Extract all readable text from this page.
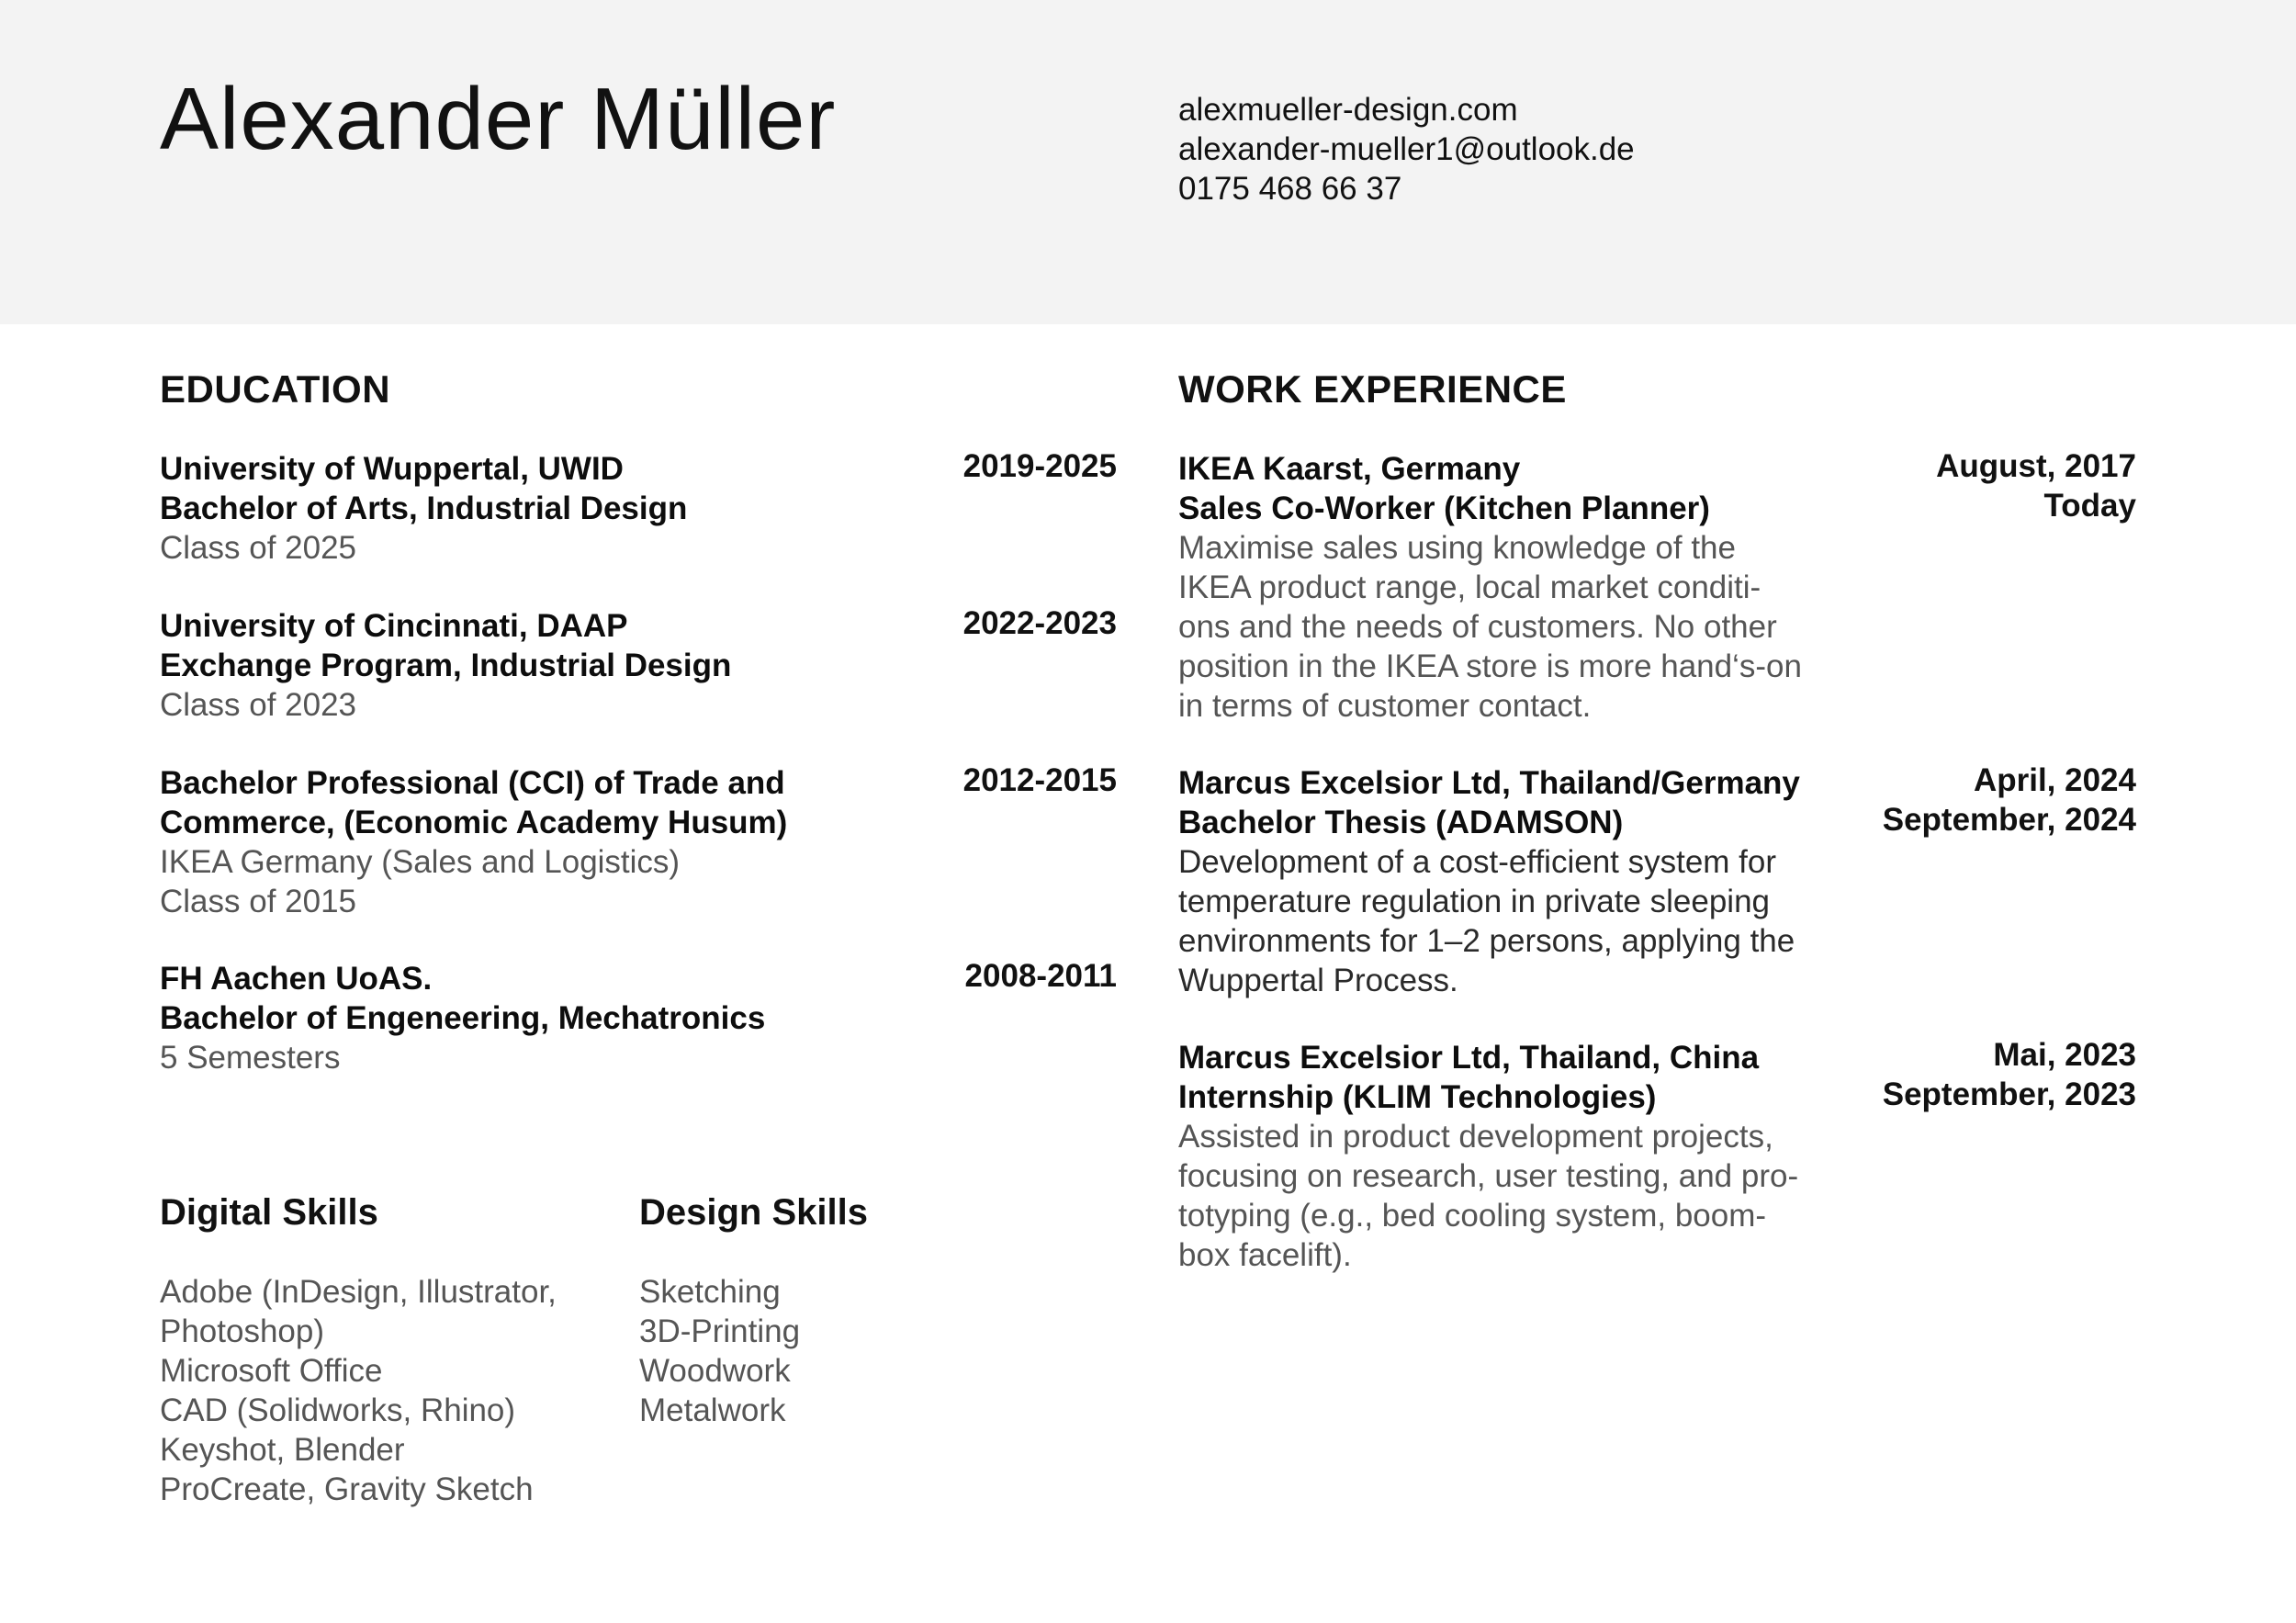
Alexander Müller	alexmueller-design.com
alexander-mueller1@outlook.de
0175 468 66 37
EDUCATION
University of Wuppertal, UWID
Bachelor of Arts, Industrial Design
Class of 2025
2019-2025
University of Cincinnati, DAAP
Exchange Program, Industrial Design
Class of 2023
2022-2023
Bachelor Professional (CCI) of Trade and
Commerce, (Economic Academy Husum)
IKEA Germany (Sales and Logistics)
Class of 2015
2012-2015
FH Aachen UoAS.
Bachelor of Engeneering, Mechatronics
5 Semesters
2008-2011
WORK EXPERIENCE
IKEA Kaarst, Germany
Sales Co-Worker (Kitchen Planner)
Maximise sales using knowledge of the
IKEA product range, local market conditi-
ons and the needs of customers. No other
position in the IKEA store is more hand‘s-on
in terms of customer contact.
August, 2017
Today
Marcus Excelsior Ltd, Thailand/Germany
Bachelor Thesis (ADAMSON)
Development of a cost-efficient system for
temperature regulation in private sleeping
environments for 1–2 persons, applying the
Wuppertal Process.
April, 2024
September, 2024
Marcus Excelsior Ltd, Thailand, China
Internship (KLIM Technologies)
Assisted in product development projects,
focusing on research, user testing, and pro-
totyping (e.g., bed cooling system, boom-
box facelift).
Mai, 2023
September, 2023
Digital Skills
Adobe (InDesign, Illustrator,
Photoshop)
Microsoft Office
CAD (Solidworks, Rhino)
Keyshot, Blender
ProCreate, Gravity Sketch
Design Skills
Sketching
3D-Printing
Woodwork
Metalwork
